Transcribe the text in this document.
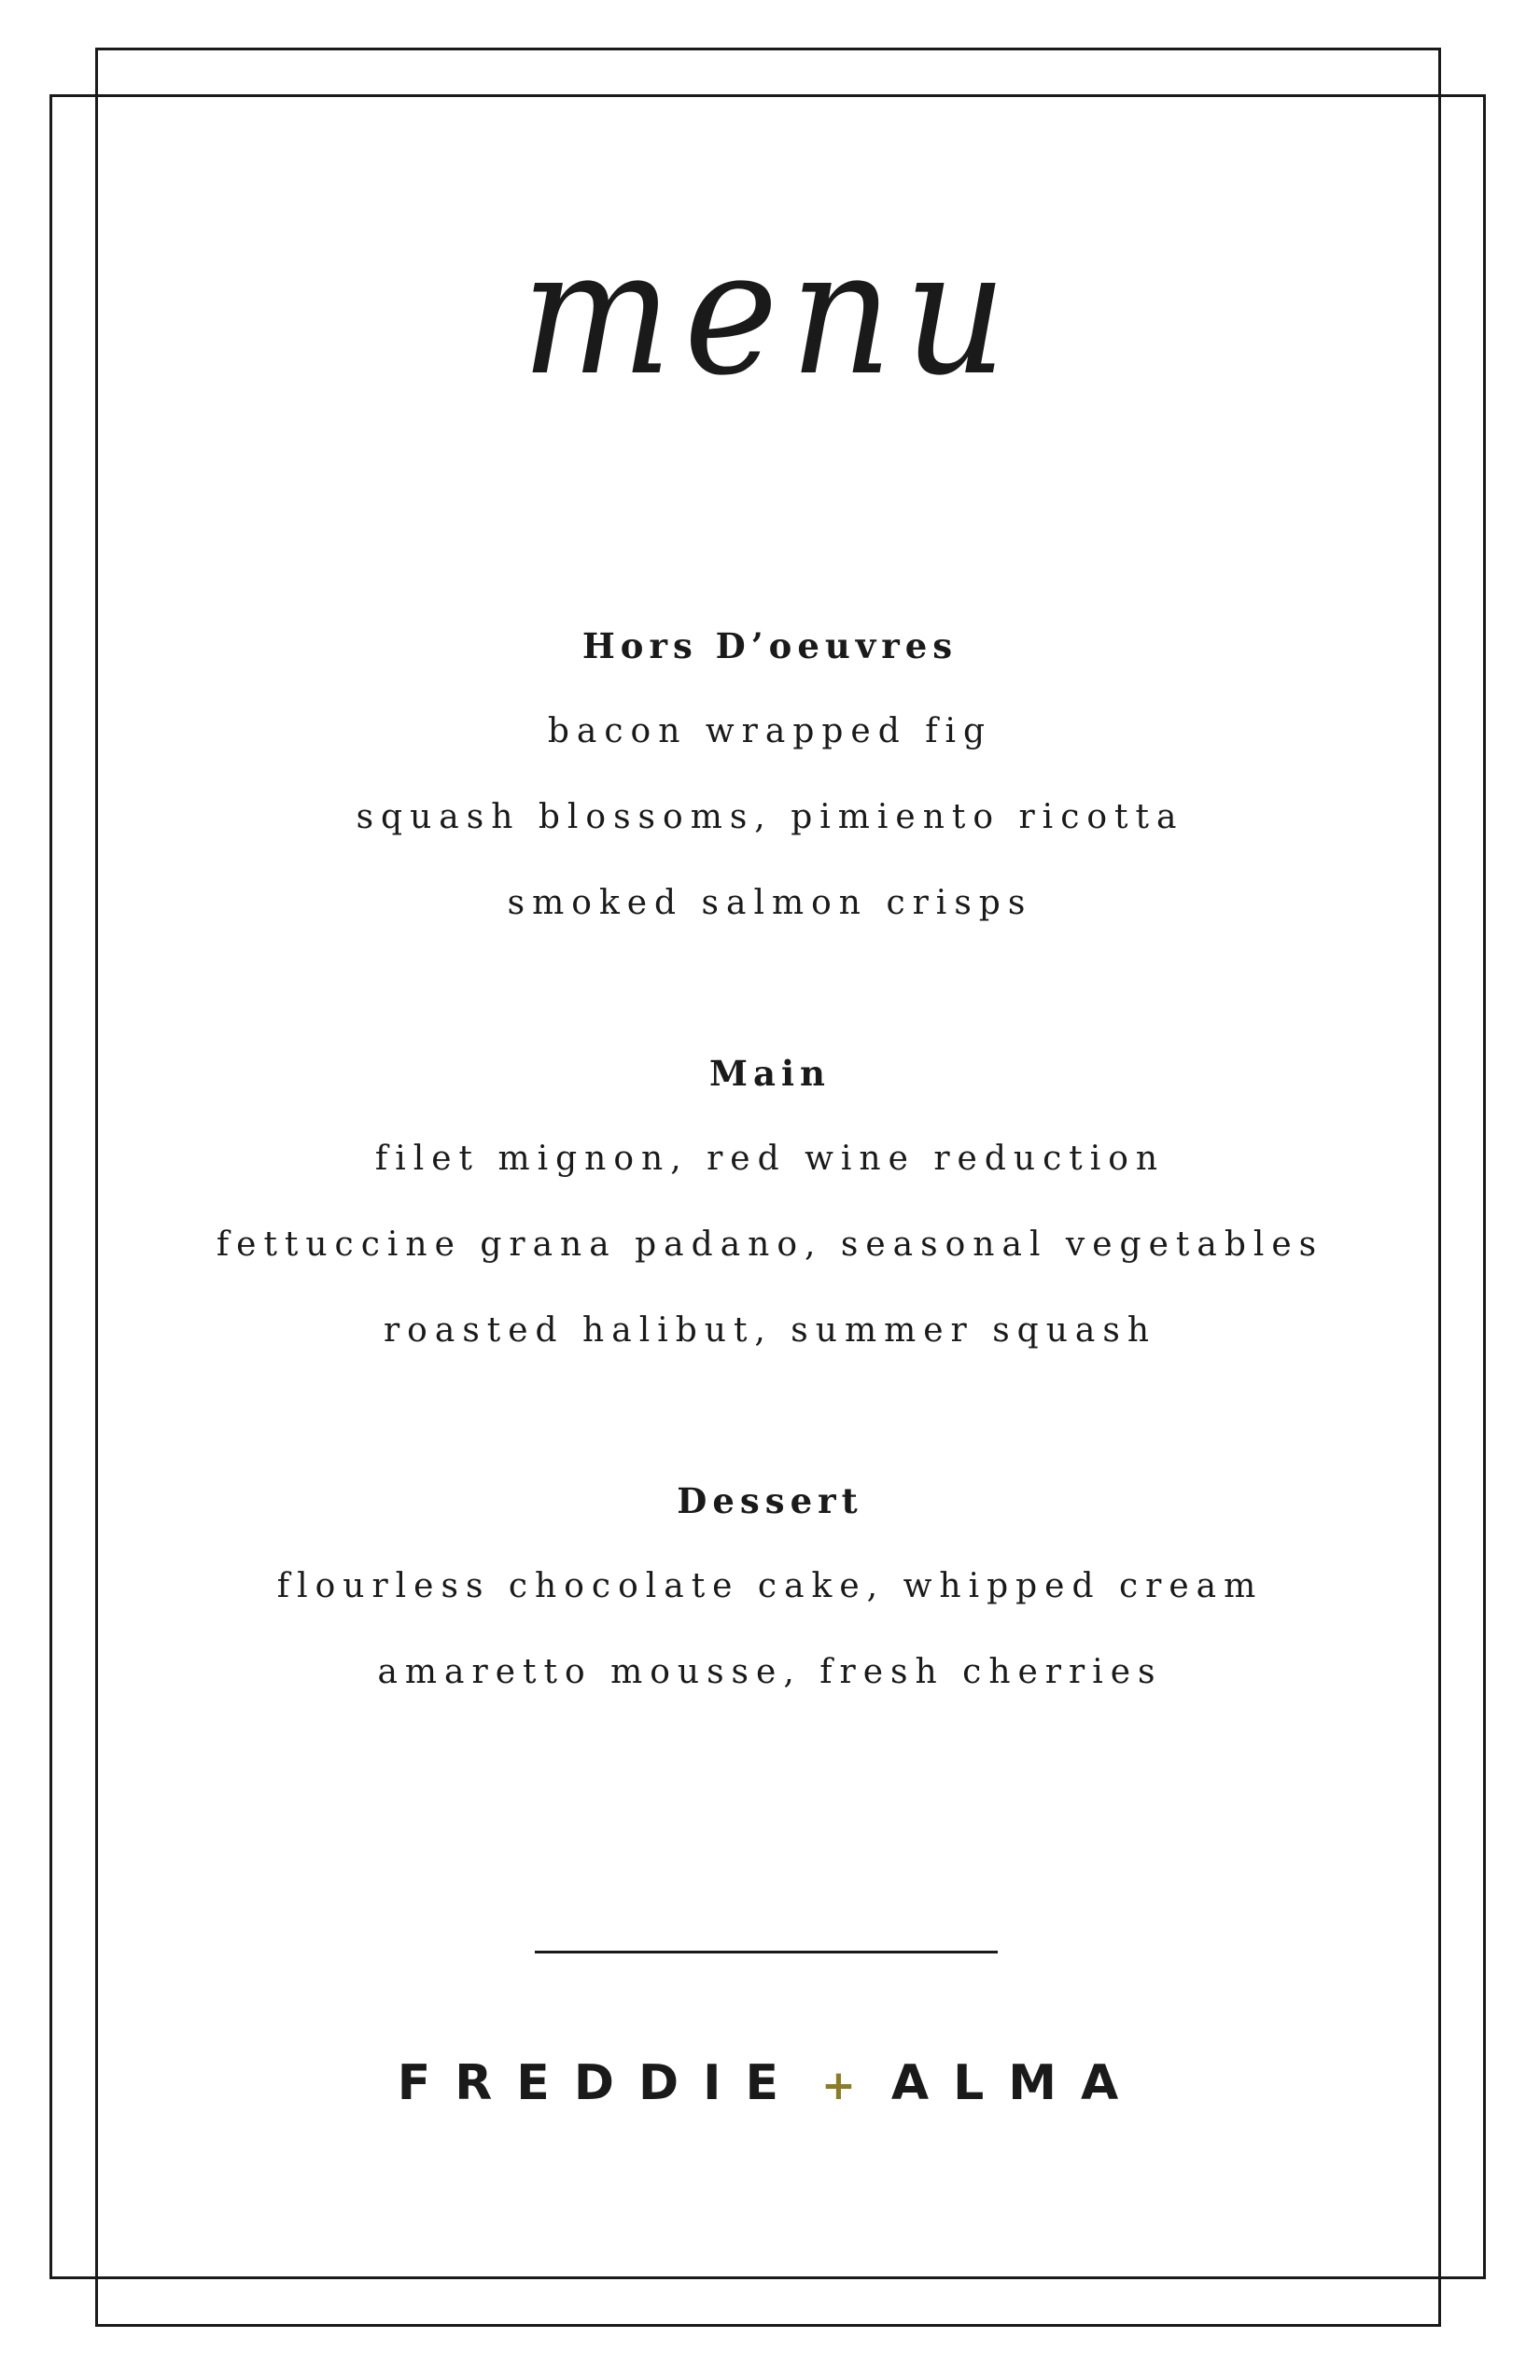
menu
Hors D’oeuvres
bacon wrapped fig
squash blossoms, pimiento ricotta
smoked salmon crisps
Main
filet mignon, red wine reduction
fettuccine grana padano, seasonal vegetables
roasted halibut, summer squash
Dessert
flourless chocolate cake, whipped cream
amaretto mousse, fresh cherries
FREDDIE + ALMA
